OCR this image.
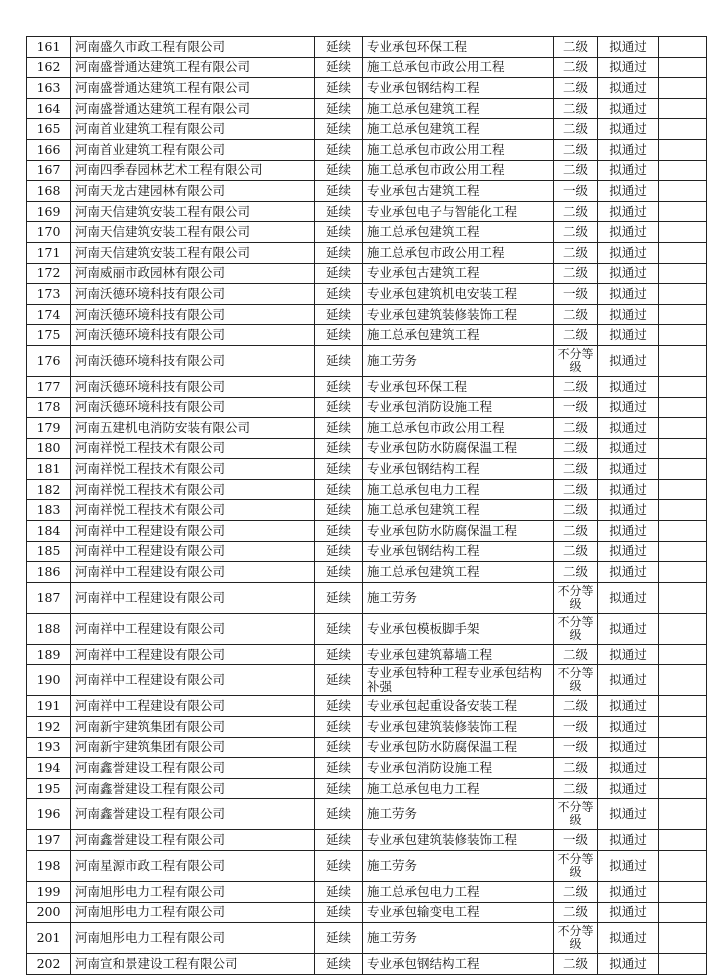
161	河南盛久市政工程有限公司	延续	专业承包环保工程	二级	拟通过	
162	河南盛誉通达建筑工程有限公司	延续	施工总承包市政公用工程	二级	拟通过	
163	河南盛誉通达建筑工程有限公司	延续	专业承包钢结构工程	二级	拟通过	
164	河南盛誉通达建筑工程有限公司	延续	施工总承包建筑工程	二级	拟通过	
165	河南首业建筑工程有限公司	延续	施工总承包建筑工程	二级	拟通过	
166	河南首业建筑工程有限公司	延续	施工总承包市政公用工程	二级	拟通过	
167	河南四季春园林艺术工程有限公司	延续	施工总承包市政公用工程	二级	拟通过	
168	河南天龙古建园林有限公司	延续	专业承包古建筑工程	一级	拟通过	
169	河南天信建筑安装工程有限公司	延续	专业承包电子与智能化工程	二级	拟通过	
170	河南天信建筑安装工程有限公司	延续	施工总承包建筑工程	二级	拟通过	
171	河南天信建筑安装工程有限公司	延续	施工总承包市政公用工程	二级	拟通过	
172	河南威丽市政园林有限公司	延续	专业承包古建筑工程	二级	拟通过	
173	河南沃德环境科技有限公司	延续	专业承包建筑机电安装工程	一级	拟通过	
174	河南沃德环境科技有限公司	延续	专业承包建筑装修装饰工程	二级	拟通过	
175	河南沃德环境科技有限公司	延续	施工总承包建筑工程	二级	拟通过	
176	河南沃德环境科技有限公司	延续	施工劳务	不分等级	拟通过	
177	河南沃德环境科技有限公司	延续	专业承包环保工程	二级	拟通过	
178	河南沃德环境科技有限公司	延续	专业承包消防设施工程	一级	拟通过	
179	河南五建机电消防安装有限公司	延续	施工总承包市政公用工程	二级	拟通过	
180	河南祥悦工程技术有限公司	延续	专业承包防水防腐保温工程	二级	拟通过	
181	河南祥悦工程技术有限公司	延续	专业承包钢结构工程	二级	拟通过	
182	河南祥悦工程技术有限公司	延续	施工总承包电力工程	二级	拟通过	
183	河南祥悦工程技术有限公司	延续	施工总承包建筑工程	二级	拟通过	
184	河南祥中工程建设有限公司	延续	专业承包防水防腐保温工程	二级	拟通过	
185	河南祥中工程建设有限公司	延续	专业承包钢结构工程	二级	拟通过	
186	河南祥中工程建设有限公司	延续	施工总承包建筑工程	二级	拟通过	
187	河南祥中工程建设有限公司	延续	施工劳务	不分等级	拟通过	
188	河南祥中工程建设有限公司	延续	专业承包模板脚手架	不分等级	拟通过	
189	河南祥中工程建设有限公司	延续	专业承包建筑幕墙工程	二级	拟通过	
190	河南祥中工程建设有限公司	延续	专业承包特种工程专业承包结构补强	不分等级	拟通过	
191	河南祥中工程建设有限公司	延续	专业承包起重设备安装工程	二级	拟通过	
192	河南新宇建筑集团有限公司	延续	专业承包建筑装修装饰工程	一级	拟通过	
193	河南新宇建筑集团有限公司	延续	专业承包防水防腐保温工程	一级	拟通过	
194	河南鑫誉建设工程有限公司	延续	专业承包消防设施工程	二级	拟通过	
195	河南鑫誉建设工程有限公司	延续	施工总承包电力工程	二级	拟通过	
196	河南鑫誉建设工程有限公司	延续	施工劳务	不分等级	拟通过	
197	河南鑫誉建设工程有限公司	延续	专业承包建筑装修装饰工程	一级	拟通过	
198	河南星源市政工程有限公司	延续	施工劳务	不分等级	拟通过	
199	河南旭彤电力工程有限公司	延续	施工总承包电力工程	二级	拟通过	
200	河南旭彤电力工程有限公司	延续	专业承包输变电工程	二级	拟通过	
201	河南旭彤电力工程有限公司	延续	施工劳务	不分等级	拟通过	
202	河南宣和景建设工程有限公司	延续	专业承包钢结构工程	二级	拟通过	
